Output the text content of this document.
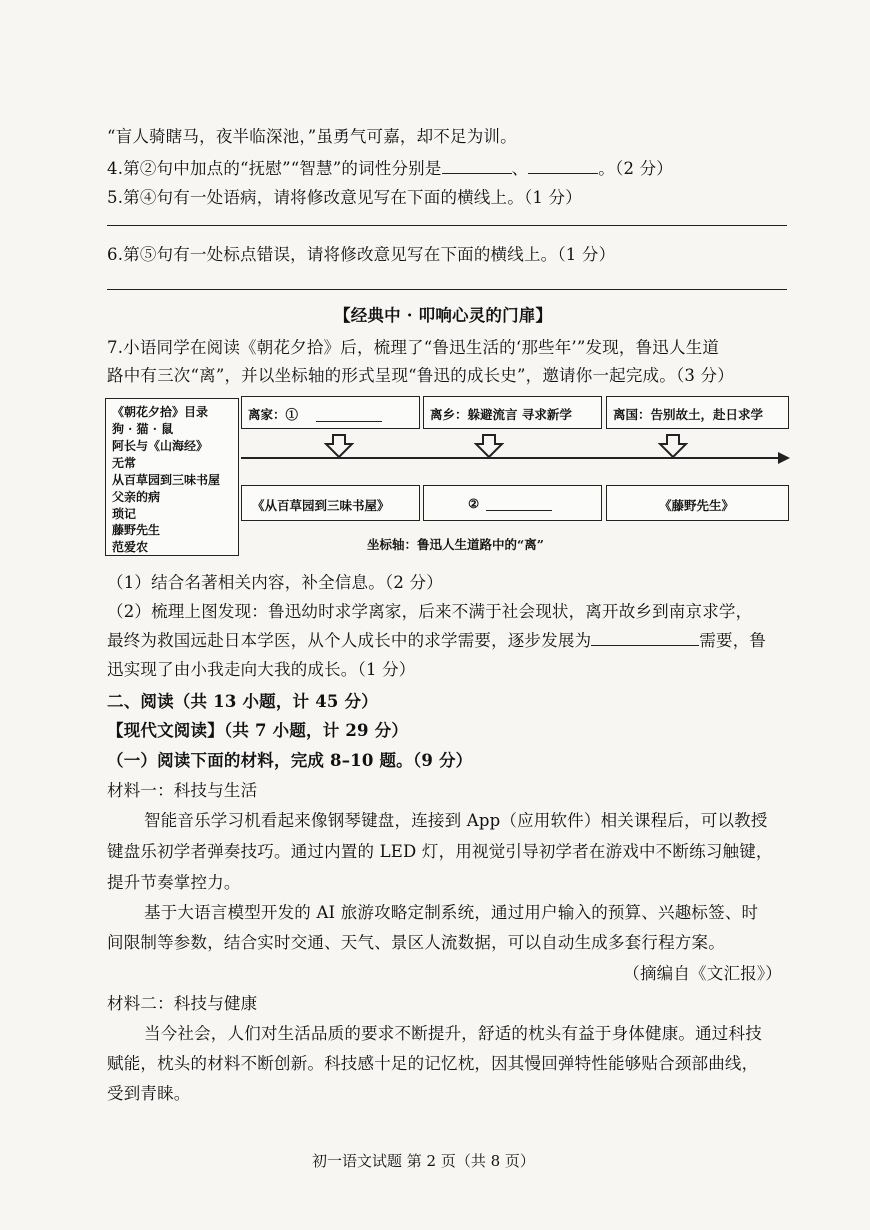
“盲人骑瞎马，夜半临深池，”虽勇气可嘉，却不足为训。
4.第②句中加点的“抚慰”“智慧”的词性分别是	、	。（2 分）
5.第④句有一处语病，请将修改意见写在下面的横线上。（1 分）
6.第⑤句有一处标点错误，请将修改意见写在下面的横线上。（1 分）
【经典中 · 叩响心灵的门扉】
7.小语同学在阅读《朝花夕拾》后，梳理了“鲁迅生活的‘那些年’”发现，鲁迅人生道
路中有三次“离”，并以坐标轴的形式呈现“鲁迅的成长史”，邀请你一起完成。（3 分）
《朝花夕拾》目录
狗 · 猫 · 鼠
阿长与《山海经》
无常
从百草园到三味书屋
父亲的病
琐记
藤野先生
范爱农
离家：①	离乡：躲避流言 寻求新学	离国：告别故土，赴日求学
《从百草园到三味书屋》	②	《藤野先生》
坐标轴：鲁迅人生道路中的“离”
（1）结合名著相关内容，补全信息。（2 分）
（2）梳理上图发现：鲁迅幼时求学离家，后来不满于社会现状，离开故乡到南京求学，
最终为救国远赴日本学医，从个人成长中的求学需要，逐步发展为	需要，鲁
迅实现了由小我走向大我的成长。（1 分）
二、阅读（共 13 小题，计 45 分）
【现代文阅读】（共 7 小题，计 29 分）
（一）阅读下面的材料，完成 8–10 题。（9 分）
材料一：科技与生活
智能音乐学习机看起来像钢琴键盘，连接到 App（应用软件）相关课程后，可以教授
键盘乐初学者弹奏技巧。通过内置的 LED 灯，用视觉引导初学者在游戏中不断练习触键，
提升节奏掌控力。
基于大语言模型开发的 AI 旅游攻略定制系统，通过用户输入的预算、兴趣标签、时
间限制等参数，结合实时交通、天气、景区人流数据，可以自动生成多套行程方案。
（摘编自《文汇报》）
材料二：科技与健康
当今社会，人们对生活品质的要求不断提升，舒适的枕头有益于身体健康。通过科技
赋能，枕头的材料不断创新。科技感十足的记忆枕，因其慢回弹特性能够贴合颈部曲线，
受到青睐。
初一语文试题 第 2 页（共 8 页）
